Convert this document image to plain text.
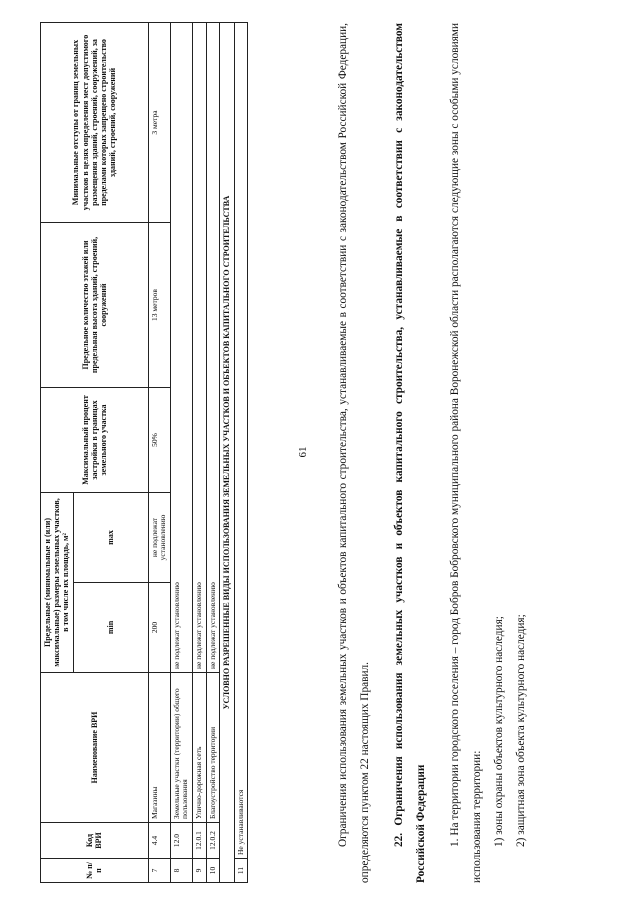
61
№ п/п	Код ВРИ	Наименование ВРИ	Предельные (минимальные и (или) максимальные) размеры земельных участков, в том числе их площадь, м²		Максимальный процент застройки в границах земельного участка	Предельное количество этажей или предельная высота зданий, строений, сооружений	Минимальные отступы от границ земельных участков в целях определения мест допустимого размещения зданий, строений, сооружений, за пределами которых запрещено строительство зданий, строений, сооружений
			min	max			
7	4.4	Магазины	200	не подлежат установлению	50%	13 метров	3 метра
8	12.0	Земельные участки (территории) общего пользования	не подлежат установлению				
9	12.0.1	Улично-дорожная сеть	не подлежат установлению				
10	12.0.2	Благоустройство территории	не подлежат установлению				
УСЛОВНО РАЗРЕШЕННЫЕ ВИДЫ ИСПОЛЬЗОВАНИЯ ЗЕМЕЛЬНЫХ УЧАСТКОВ И ОБЪЕКТОВ КАПИТАЛЬНОГО СТРОИТЕЛЬСТВА							
11	Не устанавливаются							Ограничения использования земельных участков и объектов капитального строительства, устанавливаемые в соответствии с законодательством Российской Федерации, определяются пунктом 22 настоящих Правил.	22. Ограничения использования земельных участков и объектов капитального строительства, устанавливаемые в соответствии с законодательством Российской Федерации	1. На территории городского поселения – город Бобров Бобровского муниципального района Воронежской области располагаются следующие зоны с особыми условиями использования территории: 1) зоны охраны объектов культурного наследия; 2) защитная зона объекта культурного наследия;
